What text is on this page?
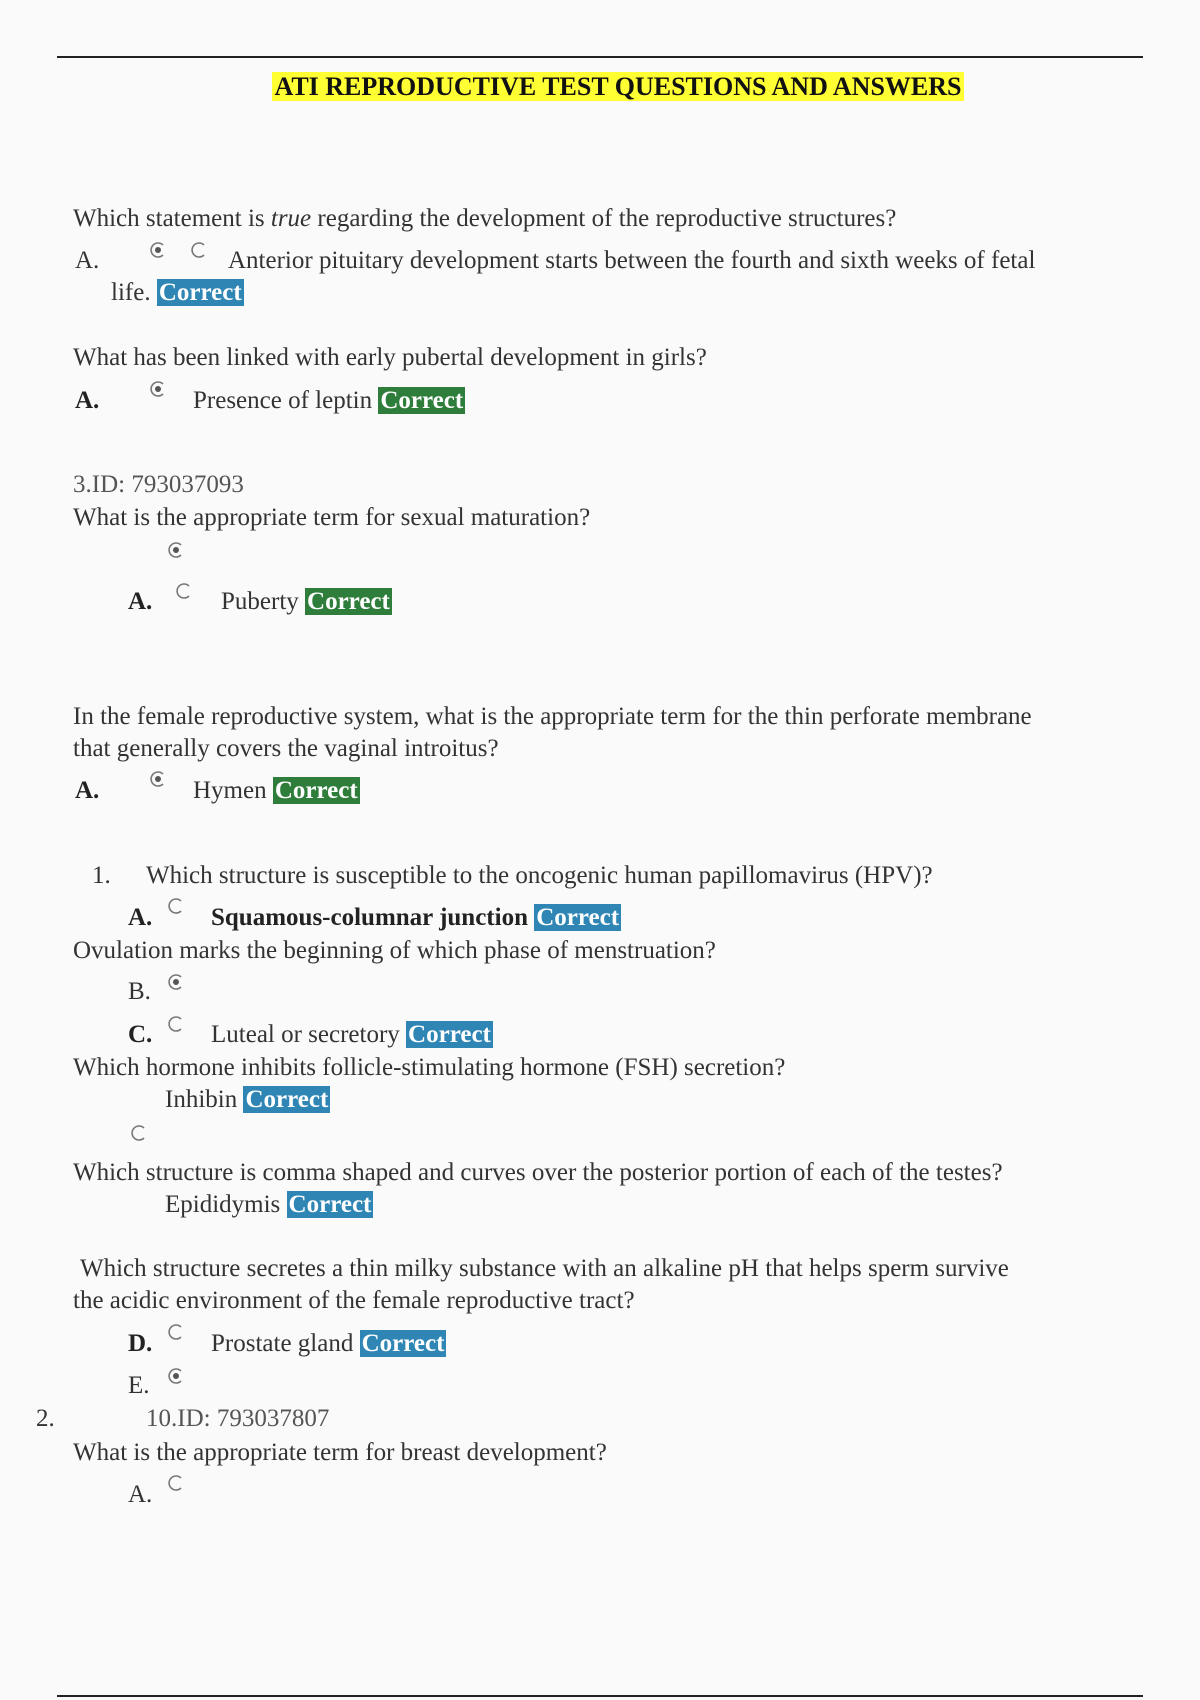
ATI REPRODUCTIVE TEST QUESTIONS AND ANSWERS
Which statement is true regarding the development of the reproductive structures?
A.	Anterior pituitary development starts between the fourth and sixth weeks of fetal
life. Correct
What has been linked with early pubertal development in girls?
A.	Presence of leptin Correct
3.ID: 793037093
What is the appropriate term for sexual maturation?
A.	Puberty Correct
In the female reproductive system, what is the appropriate term for the thin perforate membrane
that generally covers the vaginal introitus?
A.	Hymen Correct
1. Which structure is susceptible to the oncogenic human papillomavirus (HPV)?
A. Squamous-columnar junction Correct
Ovulation marks the beginning of which phase of menstruation?
B.
C. Luteal or secretory Correct
Which hormone inhibits follicle-stimulating hormone (FSH) secretion?
Inhibin Correct
Which structure is comma shaped and curves over the posterior portion of each of the testes?
Epididymis Correct
Which structure secretes a thin milky substance with an alkaline pH that helps sperm survive
the acidic environment of the female reproductive tract?
D. Prostate gland Correct
E.
2.	10.ID: 793037807
What is the appropriate term for breast development?
A.
